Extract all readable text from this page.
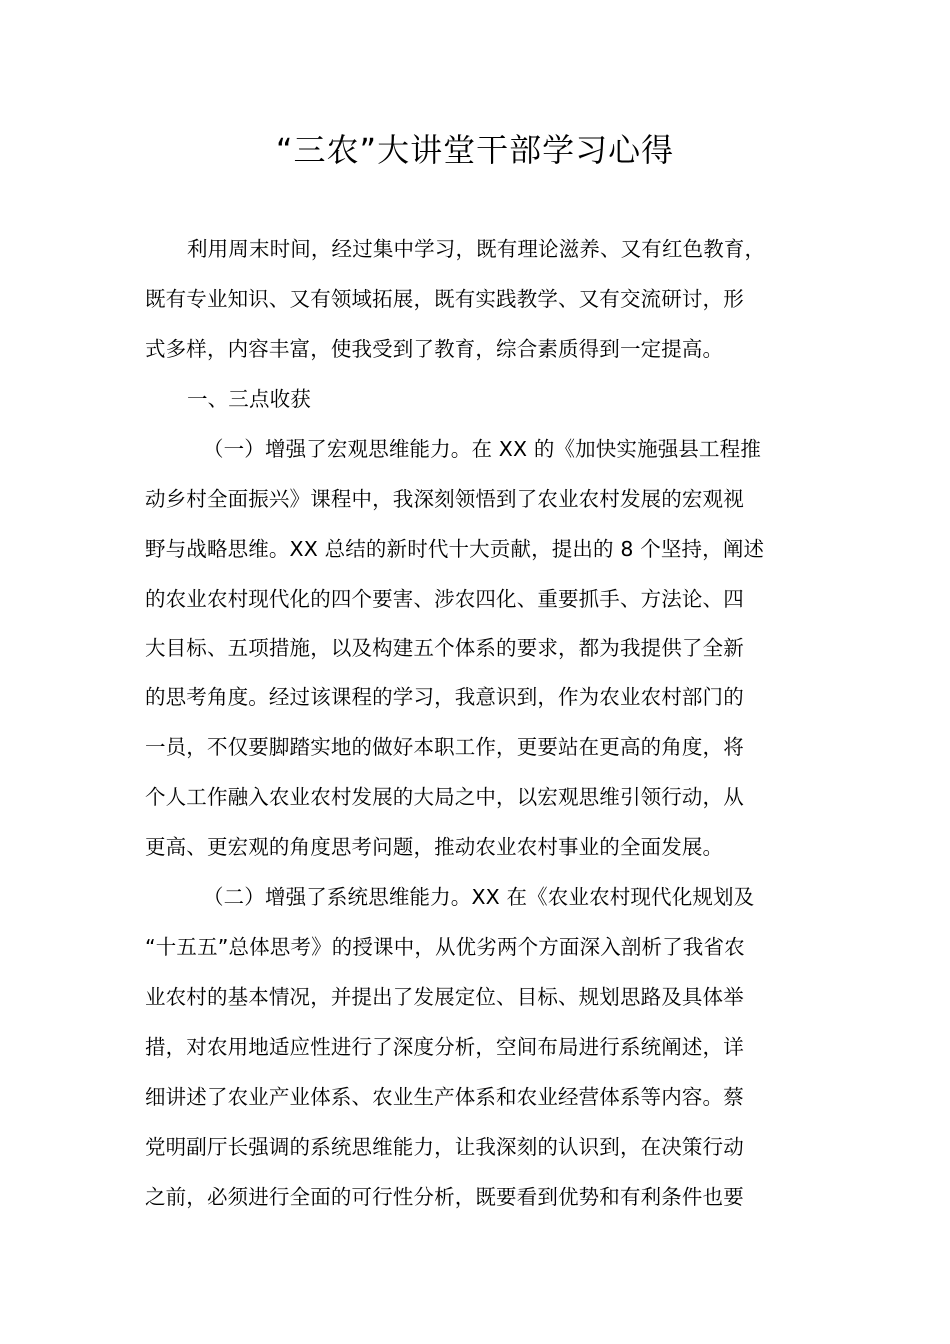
“三农”大讲堂干部学习心得
利用周末时间，经过集中学习，既有理论滋养、又有红色教育，
既有专业知识、又有领域拓展，既有实践教学、又有交流研讨，形
式多样，内容丰富，使我受到了教育，综合素质得到一定提高。
一、三点收获
（一）增强了宏观思维能力。在 XX 的《加快实施强县工程推
动乡村全面振兴》课程中，我深刻领悟到了农业农村发展的宏观视
野与战略思维。XX 总结的新时代十大贡献，提出的 8 个坚持，阐述
的农业农村现代化的四个要害、涉农四化、重要抓手、方法论、四
大目标、五项措施，以及构建五个体系的要求，都为我提供了全新
的思考角度。经过该课程的学习，我意识到，作为农业农村部门的
一员，不仅要脚踏实地的做好本职工作，更要站在更高的角度，将
个人工作融入农业农村发展的大局之中，以宏观思维引领行动，从
更高、更宏观的角度思考问题，推动农业农村事业的全面发展。
（二）增强了系统思维能力。XX 在《农业农村现代化规划及
“十五五”总体思考》的授课中，从优劣两个方面深入剖析了我省农
业农村的基本情况，并提出了发展定位、目标、规划思路及具体举
措，对农用地适应性进行了深度分析，空间布局进行系统阐述，详
细讲述了农业产业体系、农业生产体系和农业经营体系等内容。蔡
党明副厅长强调的系统思维能力，让我深刻的认识到，在决策行动
之前，必须进行全面的可行性分析，既要看到优势和有利条件也要
